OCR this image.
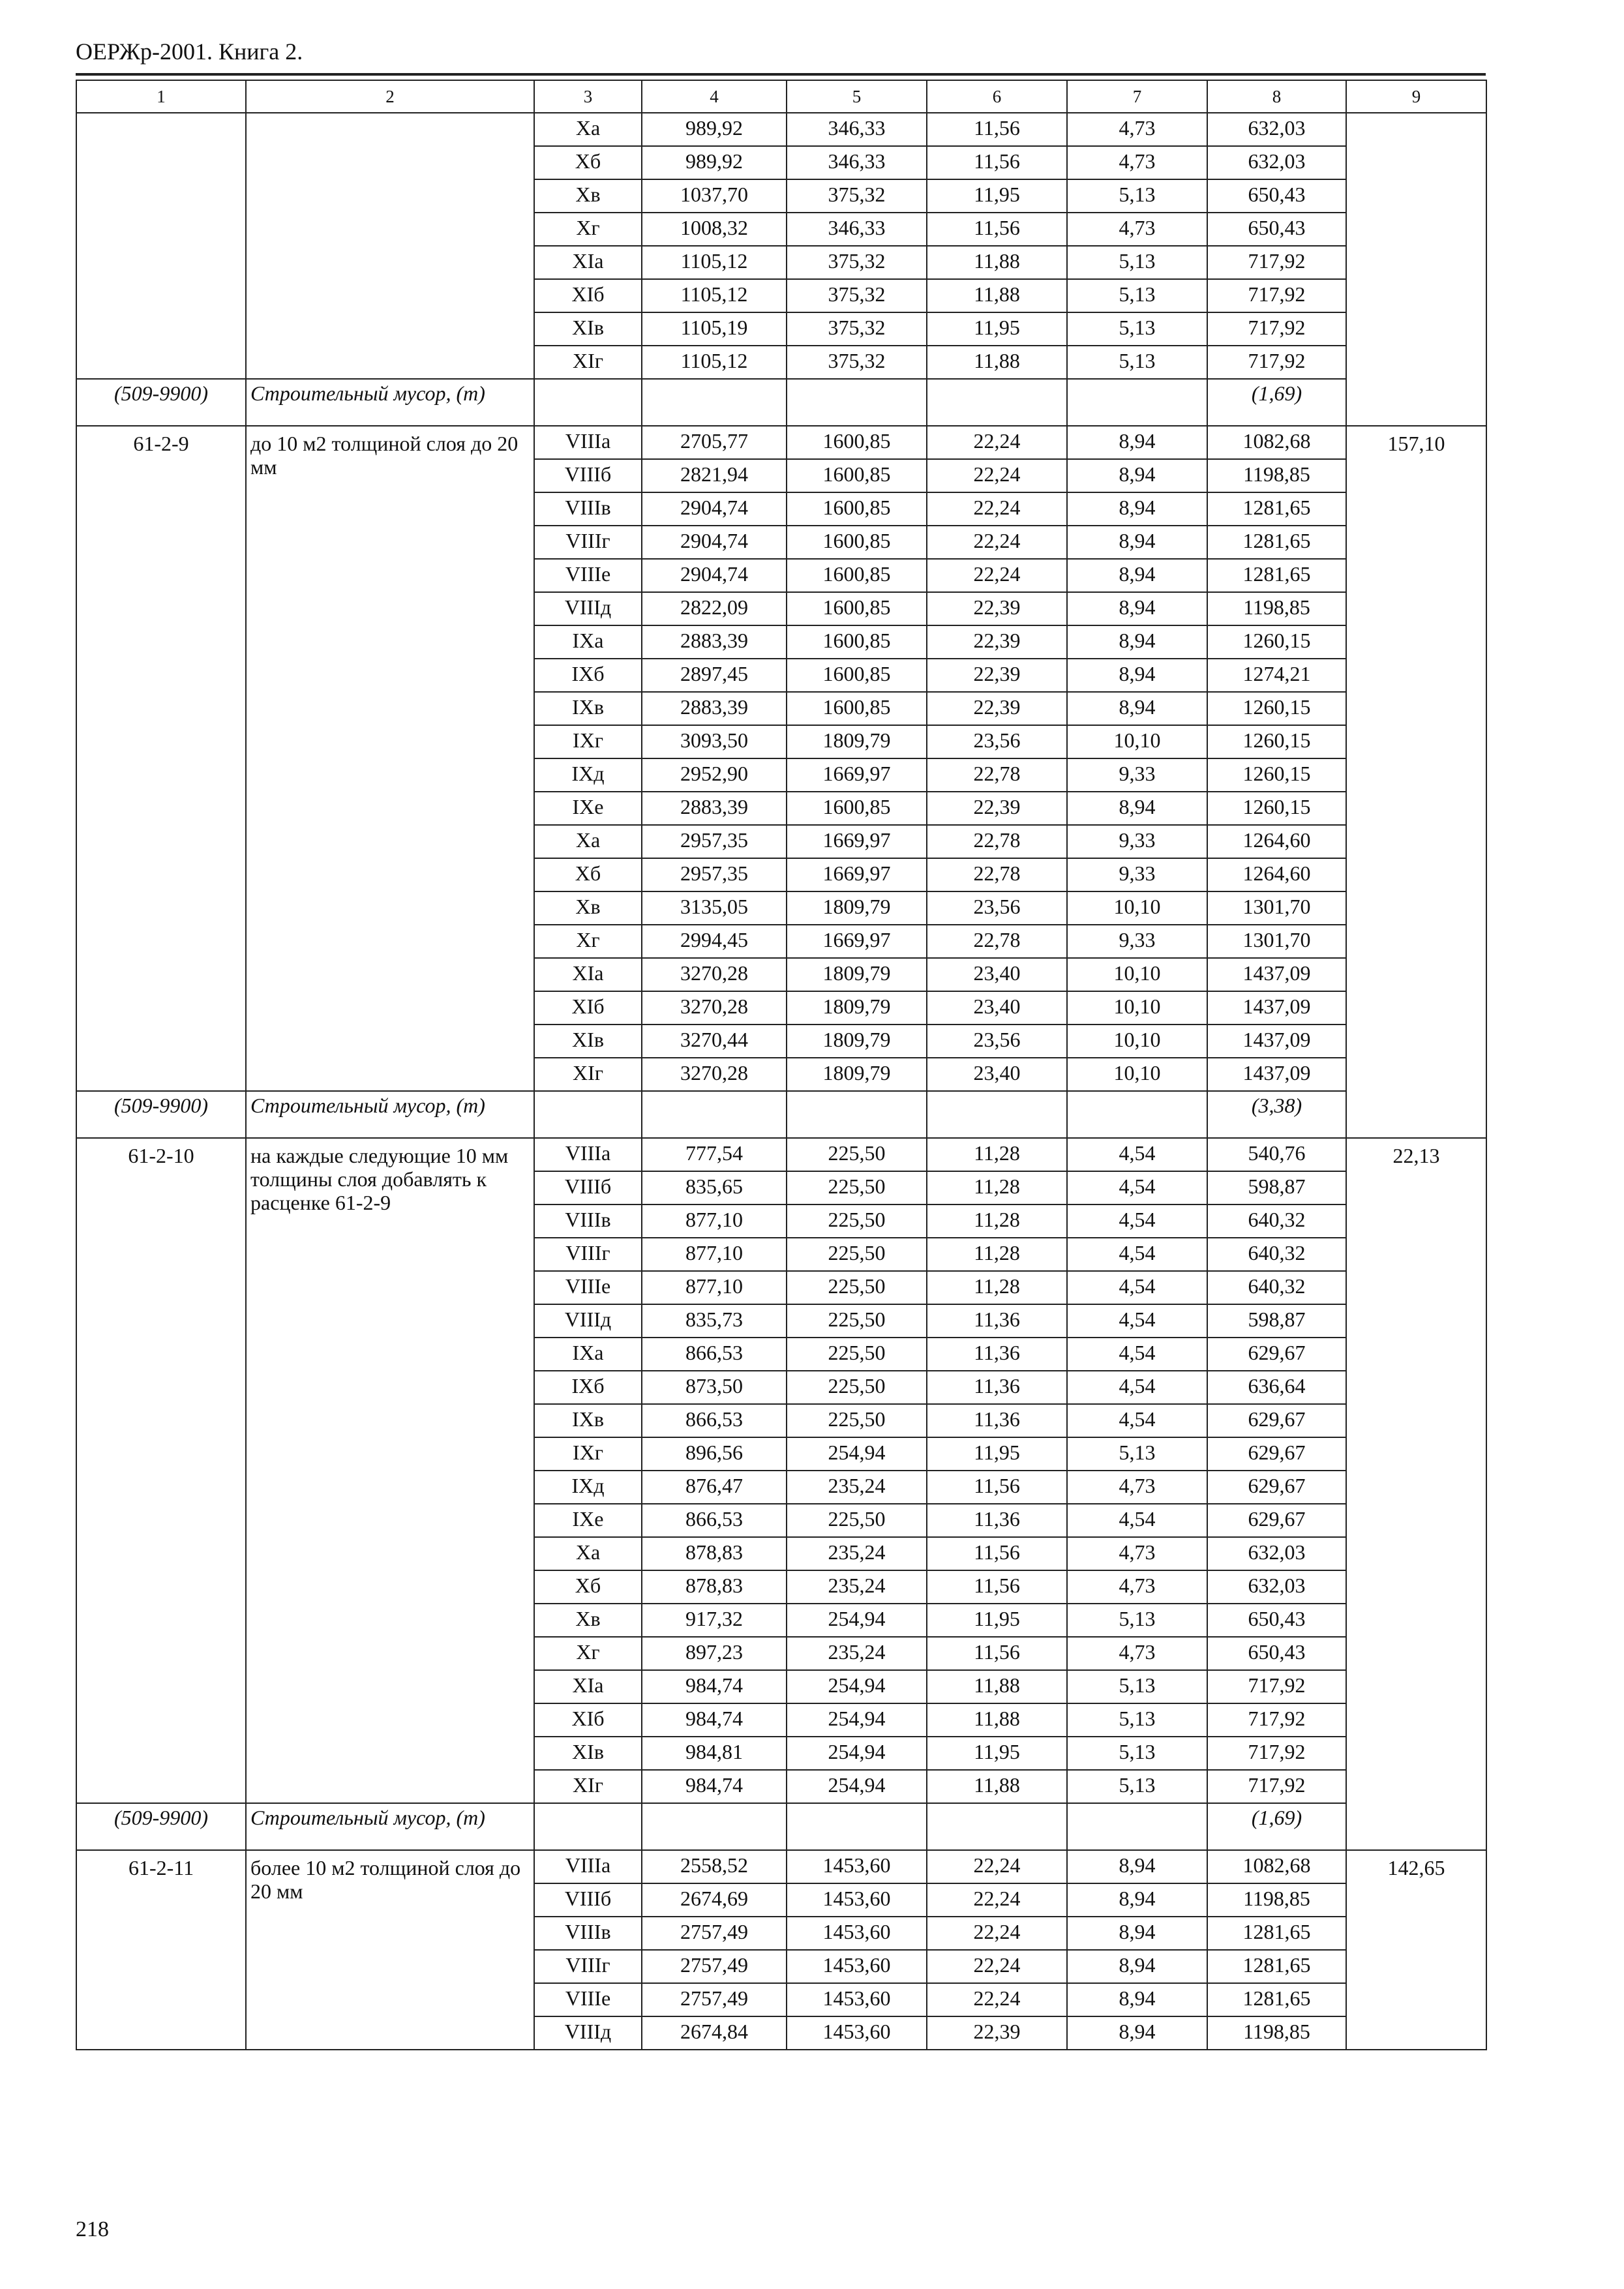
ОЕРЖр-2001. Книга 2.
1	2	3	4	5	6	7	8	9
		Xа	989,92	346,33	11,56	4,73	632,03	
		Xб	989,92	346,33	11,56	4,73	632,03	
		Xв	1037,70	375,32	11,95	5,13	650,43	
		Xг	1008,32	346,33	11,56	4,73	650,43	
		XIа	1105,12	375,32	11,88	5,13	717,92	
		XIб	1105,12	375,32	11,88	5,13	717,92	
		XIв	1105,19	375,32	11,95	5,13	717,92	
		XIг	1105,12	375,32	11,88	5,13	717,92	
(509-9900)	Строительный мусор, (т)						(1,69)	
61-2-9	до 10 м2 толщиной слоя до 20 мм	VIIIа	2705,77	1600,85	22,24	8,94	1082,68	157,10
		VIIIб	2821,94	1600,85	22,24	8,94	1198,85	
		VIIIв	2904,74	1600,85	22,24	8,94	1281,65	
		VIIIг	2904,74	1600,85	22,24	8,94	1281,65	
		VIIIе	2904,74	1600,85	22,24	8,94	1281,65	
		VIIIд	2822,09	1600,85	22,39	8,94	1198,85	
		IXа	2883,39	1600,85	22,39	8,94	1260,15	
		IXб	2897,45	1600,85	22,39	8,94	1274,21	
		IXв	2883,39	1600,85	22,39	8,94	1260,15	
		IXг	3093,50	1809,79	23,56	10,10	1260,15	
		IXд	2952,90	1669,97	22,78	9,33	1260,15	
		IXе	2883,39	1600,85	22,39	8,94	1260,15	
		Xа	2957,35	1669,97	22,78	9,33	1264,60	
		Xб	2957,35	1669,97	22,78	9,33	1264,60	
		Xв	3135,05	1809,79	23,56	10,10	1301,70	
		Xг	2994,45	1669,97	22,78	9,33	1301,70	
		XIа	3270,28	1809,79	23,40	10,10	1437,09	
		XIб	3270,28	1809,79	23,40	10,10	1437,09	
		XIв	3270,44	1809,79	23,56	10,10	1437,09	
		XIг	3270,28	1809,79	23,40	10,10	1437,09	
(509-9900)	Строительный мусор, (т)						(3,38)	
61-2-10	на каждые следующие 10 мм толщины слоя добавлять к расценке 61-2-9	VIIIа	777,54	225,50	11,28	4,54	540,76	22,13
		VIIIб	835,65	225,50	11,28	4,54	598,87	
		VIIIв	877,10	225,50	11,28	4,54	640,32	
		VIIIг	877,10	225,50	11,28	4,54	640,32	
		VIIIе	877,10	225,50	11,28	4,54	640,32	
		VIIIд	835,73	225,50	11,36	4,54	598,87	
		IXа	866,53	225,50	11,36	4,54	629,67	
		IXб	873,50	225,50	11,36	4,54	636,64	
		IXв	866,53	225,50	11,36	4,54	629,67	
		IXг	896,56	254,94	11,95	5,13	629,67	
		IXд	876,47	235,24	11,56	4,73	629,67	
		IXе	866,53	225,50	11,36	4,54	629,67	
		Xа	878,83	235,24	11,56	4,73	632,03	
		Xб	878,83	235,24	11,56	4,73	632,03	
		Xв	917,32	254,94	11,95	5,13	650,43	
		Xг	897,23	235,24	11,56	4,73	650,43	
		XIа	984,74	254,94	11,88	5,13	717,92	
		XIб	984,74	254,94	11,88	5,13	717,92	
		XIв	984,81	254,94	11,95	5,13	717,92	
		XIг	984,74	254,94	11,88	5,13	717,92	
(509-9900)	Строительный мусор, (т)						(1,69)	
61-2-11	более 10 м2 толщиной слоя до 20 мм	VIIIа	2558,52	1453,60	22,24	8,94	1082,68	142,65
		VIIIб	2674,69	1453,60	22,24	8,94	1198,85	
		VIIIв	2757,49	1453,60	22,24	8,94	1281,65	
		VIIIг	2757,49	1453,60	22,24	8,94	1281,65	
		VIIIе	2757,49	1453,60	22,24	8,94	1281,65	
		VIIIд	2674,84	1453,60	22,39	8,94	1198,85	
218
